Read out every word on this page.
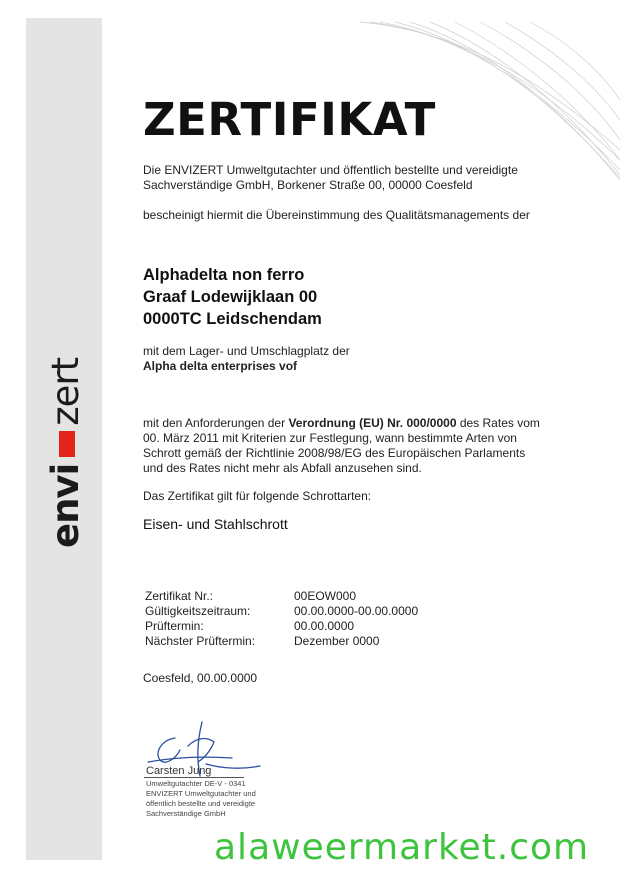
envi
zert
ZERTIFIKAT
Die ENVIZERT Umweltgutachter und öffentlich bestellte und vereidigte
Sachverständige GmbH, Borkener Straße 00, 00000 Coesfeld
bescheinigt hiermit die Übereinstimmung des Qualitätsmanagements der
Alphadelta non ferro
Graaf Lodewijklaan 00
0000TC Leidschendam
mit dem Lager- und Umschlagplatz der
Alpha delta enterprises vof
mit den Anforderungen der Verordnung (EU) Nr. 000/0000 des Rates vom
00. März 2011 mit Kriterien zur Festlegung, wann bestimmte Arten von
Schrott gemäß der Richtlinie 2008/98/EG des Europäischen Parlaments
und des Rates nicht mehr als Abfall anzusehen sind.
Das Zertifikat gilt für folgende Schrottarten:
Eisen- und Stahlschrott
Zertifikat Nr.:	00EOW000
Gültigkeitszeitraum:	00.00.0000-00.00.0000
Prüftermin:	00.00.0000
Nächster Prüftermin:	Dezember 0000
Coesfeld, 00.00.0000
Carsten Jung
Umweltgutachter DE-V - 0341
ENVIZERT Umweltgutachter und
öffentlich bestellte und vereidigte
Sachverständige GmbH
alaweermarket.com
